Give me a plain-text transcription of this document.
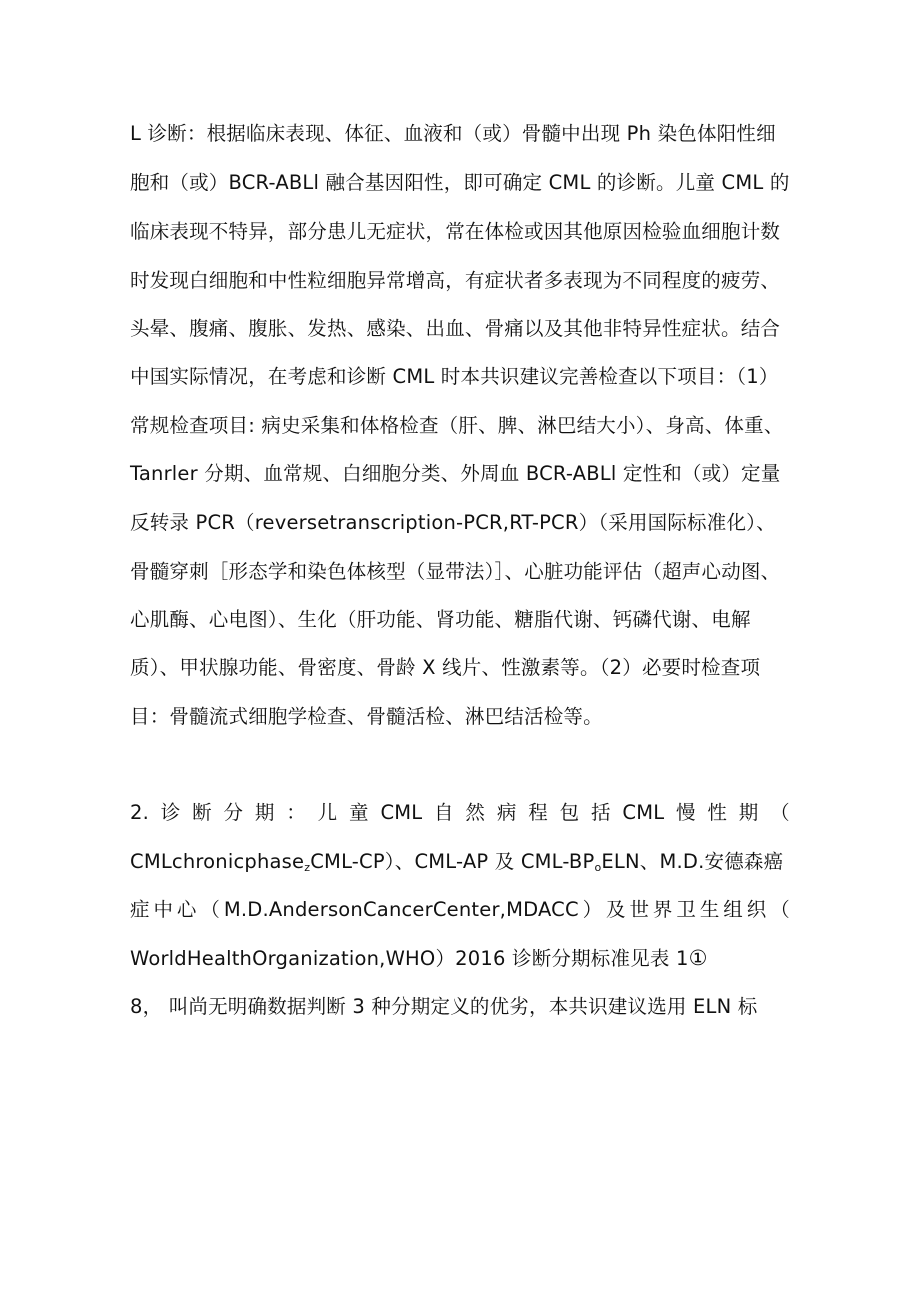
L 诊断：根据临床表现、体征、血液和（或）骨髓中出现 Ph 染色体阳性细
胞和（或）BCR-ABLl 融合基因阳性，即可确定 CML 的诊断。儿童 CML 的
临床表现不特异，部分患儿无症状，常在体检或因其他原因检验血细胞计数
时发现白细胞和中性粒细胞异常增高，有症状者多表现为不同程度的疲劳、
头晕、腹痛、腹胀、发热、感染、出血、骨痛以及其他非特异性症状。结合
中国实际情况，在考虑和诊断 CML 时本共识建议完善检查以下项目：（1）
常规检查项目: 病史采集和体格检查（肝、脾、淋巴结大小）、身高、体重、
Tanrler 分期、血常规、白细胞分类、外周血 BCR-ABLl 定性和（或）定量
反转录 PCR（reversetranscription-PCR,RT-PCR）（采用国际标准化）、
骨髓穿刺［形态学和染色体核型（显带法）］、心脏功能评估（超声心动图、
心肌酶、心电图）、生化（肝功能、肾功能、糖脂代谢、钙磷代谢、电解
质）、甲状腺功能、骨密度、骨龄 X 线片、性激素等。（2）必要时检查项
目：骨髓流式细胞学检查、骨髓活检、淋巴结活检等。
2. 诊 断 分 期 ： 儿 童 CML 自 然 病 程 包 括 CML 慢 性 期 （
CMLchronicphase$_z$CML-CP）、CML-AP 及 CML-$BP_oELN$、M.D.安德森癌
症 中 心 （ M.D.AndersonCancerCenter,MDACC ） 及 世 界 卫 生 组 织 （
WorldHealthOrganization,WHO）2016 诊断分期标准见表 1①
8， 叫尚无明确数据判断 3 种分期定义的优劣，本共识建议选用 ELN 标
